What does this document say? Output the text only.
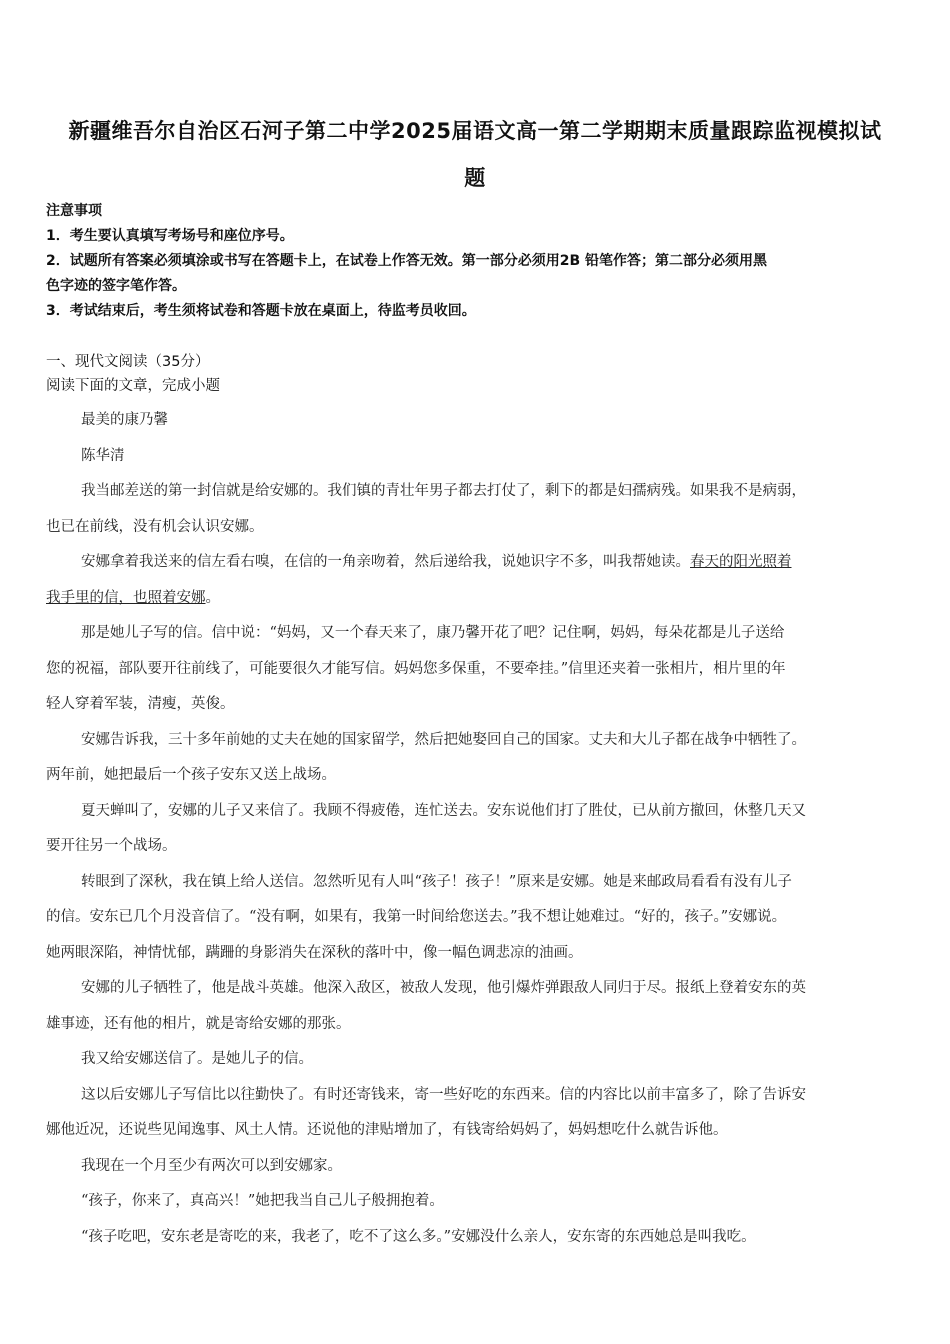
新疆维吾尔自治区石河子第二中学2025届语文高一第二学期期末质量跟踪监视模拟试
题
注意事项
1．考生要认真填写考场号和座位序号。
2．试题所有答案必须填涂或书写在答题卡上，在试卷上作答无效。第一部分必须用2B 铅笔作答；第二部分必须用黑
色字迹的签字笔作答。
3．考试结束后，考生须将试卷和答题卡放在桌面上，待监考员收回。
一、现代文阅读（35分）
阅读下面的文章，完成小题
最美的康乃馨
陈华清
我当邮差送的第一封信就是给安娜的。我们镇的青壮年男子都去打仗了，剩下的都是妇孺病残。如果我不是病弱，
也已在前线，没有机会认识安娜。
安娜拿着我送来的信左看右嗅，在信的一角亲吻着，然后递给我，说她识字不多，叫我帮她读。春天的阳光照着
我手里的信，也照着安娜。
那是她儿子写的信。信中说：“妈妈，又一个春天来了，康乃馨开花了吧？记住啊，妈妈，每朵花都是儿子送给
您的祝福，部队要开往前线了，可能要很久才能写信。妈妈您多保重，不要牵挂。”信里还夹着一张相片，相片里的年
轻人穿着军装，清瘦，英俊。
安娜告诉我，三十多年前她的丈夫在她的国家留学，然后把她娶回自己的国家。丈夫和大儿子都在战争中牺牲了。
两年前，她把最后一个孩子安东又送上战场。
夏天蝉叫了，安娜的儿子又来信了。我顾不得疲倦，连忙送去。安东说他们打了胜仗，已从前方撤回，休整几天又
要开往另一个战场。
转眼到了深秋，我在镇上给人送信。忽然听见有人叫“孩子！孩子！”原来是安娜。她是来邮政局看看有没有儿子
的信。安东已几个月没音信了。“没有啊，如果有，我第一时间给您送去。”我不想让她难过。“好的，孩子。”安娜说。
她两眼深陷，神情忧郁，蹒跚的身影消失在深秋的落叶中，像一幅色调悲凉的油画。
安娜的儿子牺牲了，他是战斗英雄。他深入敌区，被敌人发现，他引爆炸弹跟敌人同归于尽。报纸上登着安东的英
雄事迹，还有他的相片，就是寄给安娜的那张。
我又给安娜送信了。是她儿子的信。
这以后安娜儿子写信比以往勤快了。有时还寄钱来，寄一些好吃的东西来。信的内容比以前丰富多了，除了告诉安
娜他近况，还说些见闻逸事、风土人情。还说他的津贴增加了，有钱寄给妈妈了，妈妈想吃什么就告诉他。
我现在一个月至少有两次可以到安娜家。
“孩子，你来了，真高兴！”她把我当自己儿子般拥抱着。
“孩子吃吧，安东老是寄吃的来，我老了，吃不了这么多。”安娜没什么亲人，安东寄的东西她总是叫我吃。
